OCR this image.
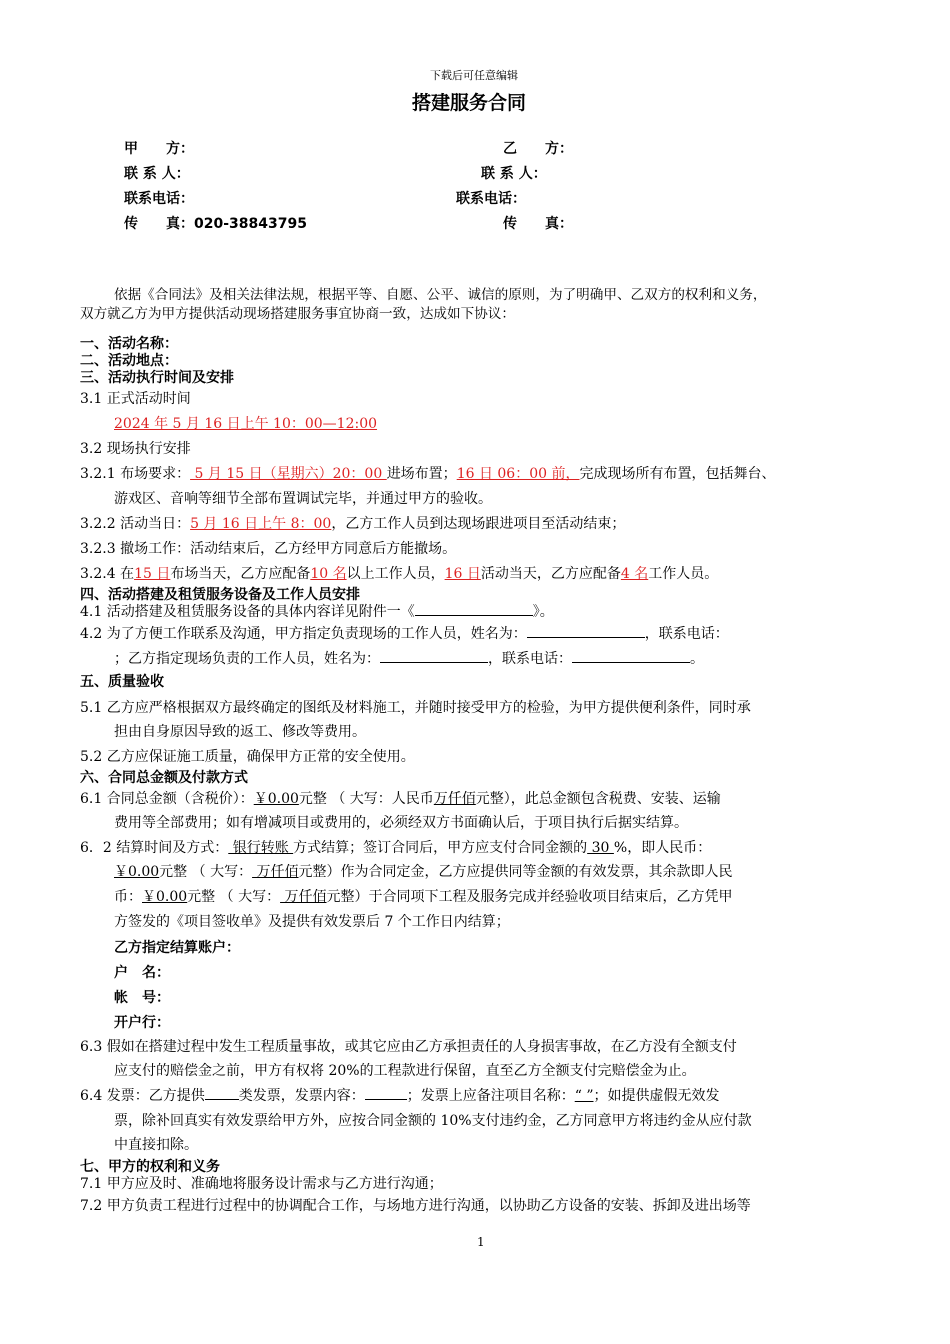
下载后可任意编辑
搭建服务合同
甲　　方：	乙　　方：
联 系 人：	联 系 人：
联系电话：	联系电话：
传　　真：020-38843795	传　　真：
依据《合同法》及相关法律法规，根据平等、自愿、公平、诚信的原则，为了明确甲、乙双方的权利和义务，
双方就乙方为甲方提供活动现场搭建服务事宜协商一致，达成如下协议：
一、活动名称：
二、活动地点：
三、活动执行时间及安排
3.1 正式活动时间
2024 年 5 月 16 日上午 10：00—12:00
3.2 现场执行安排
3.2.1 布场要求： 5 月 15 日（星期六）20：00 进场布置；16 日 06：00 前，完成现场所有布置，包括舞台、
游戏区、音响等细节全部布置调试完毕，并通过甲方的验收。
3.2.2 活动当日：5 月 16 日上午 8：00，乙方工作人员到达现场跟进项目至活动结束；
3.2.3 撤场工作：活动结束后，乙方经甲方同意后方能撤场。
3.2.4 在15 日布场当天，乙方应配备10 名以上工作人员，16 日活动当天，乙方应配备4 名工作人员。
四、活动搭建及租赁服务设备及工作人员安排
4.1 活动搭建及租赁服务设备的具体内容详见附件一《	》。
4.2 为了方便工作联系及沟通，甲方指定负责现场的工作人员，姓名为：	，联系电话：
；乙方指定现场负责的工作人员，姓名为：	，联系电话：	。
五、质量验收
5.1 乙方应严格根据双方最终确定的图纸及材料施工，并随时接受甲方的检验，为甲方提供便利条件，同时承
担由自身原因导致的返工、修改等费用。
5.2 乙方应保证施工质量，确保甲方正常的安全使用。
六、合同总金额及付款方式
6.1 合同总金额（含税价）：￥0.00元整 （ 大写：人民币万仟佰元整），此总金额包含税费、安装、运输
费用等全部费用；如有增减项目或费用的，必须经双方书面确认后，于项目执行后据实结算。
6．2 结算时间及方式： 银行转账 方式结算；签订合同后，甲方应支付合同金额的 30 %，即人民币：
￥0.00元整 （ 大写： 万仟佰元整）作为合同定金，乙方应提供同等金额的有效发票，其余款即人民
币：￥0.00元整 （ 大写： 万仟佰元整）于合同项下工程及服务完成并经验收项目结束后，乙方凭甲
方签发的《项目签收单》及提供有效发票后 7 个工作日内结算；
乙方指定结算账户：
户　名：
帐　号：
开户行：
6.3 假如在搭建过程中发生工程质量事故，或其它应由乙方承担责任的人身损害事故，在乙方没有全额支付
应支付的赔偿金之前，甲方有权将 20%的工程款进行保留，直至乙方全额支付完赔偿金为止。
6.4 发票：乙方提供 类发票，发票内容：	；发票上应备注项目名称：“ ”；如提供虚假无效发
票，除补回真实有效发票给甲方外，应按合同金额的 10%支付违约金，乙方同意甲方将违约金从应付款
中直接扣除。
七、甲方的权利和义务
7.1 甲方应及时、准确地将服务设计需求与乙方进行沟通；
7.2 甲方负责工程进行过程中的协调配合工作，与场地方进行沟通，以协助乙方设备的安装、拆卸及进出场等
1
